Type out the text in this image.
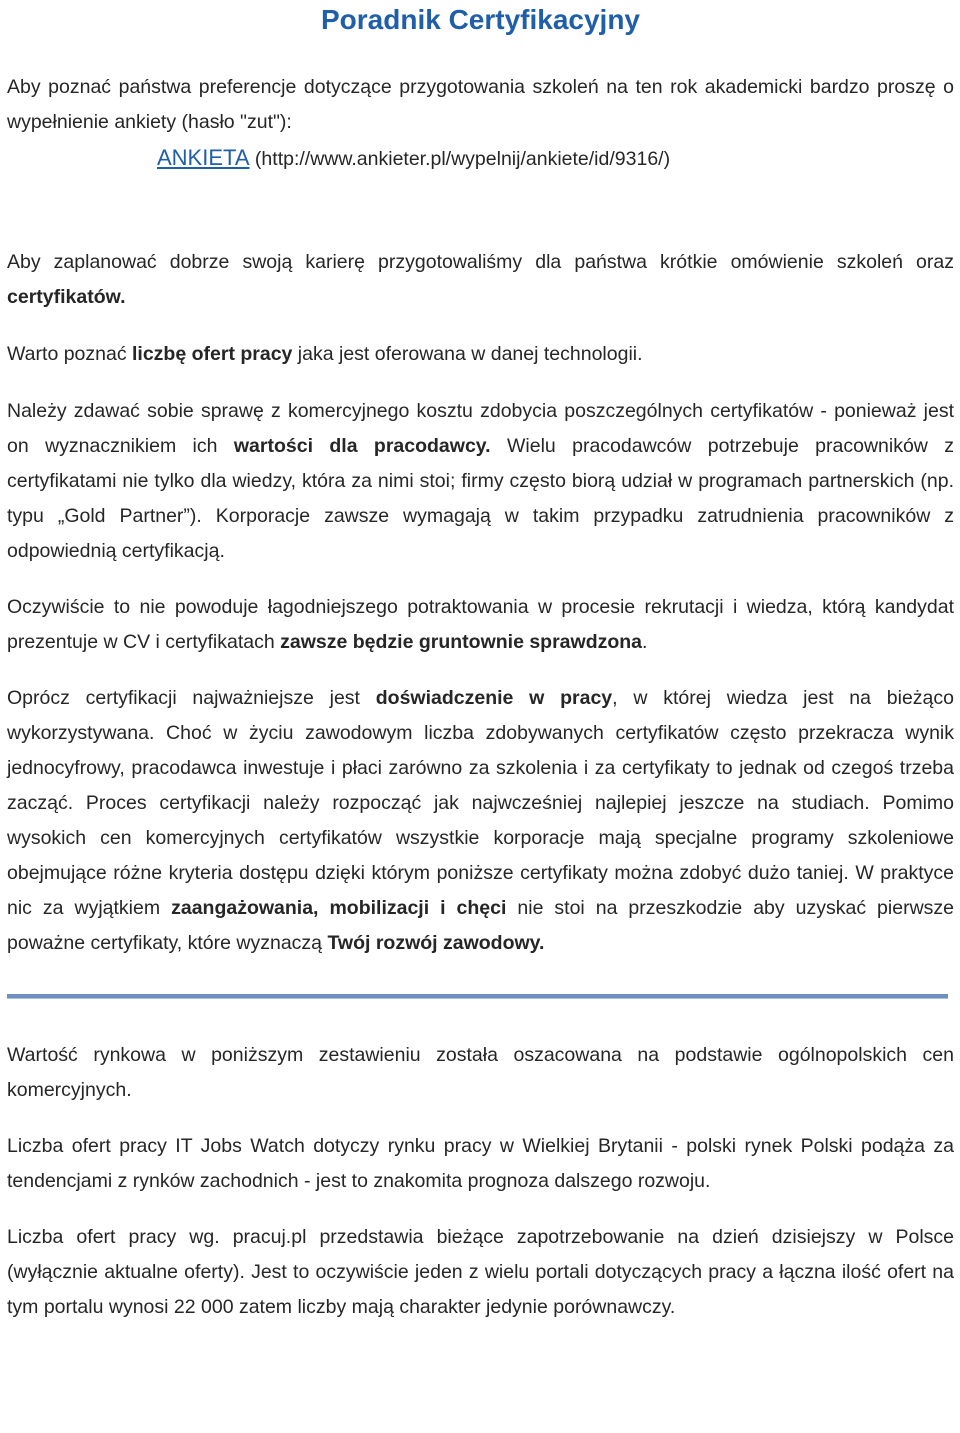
Poradnik Certyfikacyjny

Aby poznać państwa preferencje dotyczące przygotowania szkoleń na ten rok akademicki bardzo proszę o wypełnienie ankiety (hasło "zut"):

ANKIETA (http://www.ankieter.pl/wypelnij/ankiete/id/9316/)

Aby zaplanować dobrze swoją karierę przygotowaliśmy dla państwa krótkie omówienie szkoleń oraz certyfikatów.

Warto poznać liczbę ofert pracy jaka jest oferowana w danej technologii.

Należy zdawać sobie sprawę z komercyjnego kosztu zdobycia poszczególnych certyfikatów - ponieważ jest on wyznacznikiem ich wartości dla pracodawcy. Wielu pracodawców potrzebuje pracowników z certyfikatami nie tylko dla wiedzy, która za nimi stoi; firmy często biorą udział w programach partnerskich (np. typu „Gold Partner”). Korporacje zawsze wymagają w takim przypadku zatrudnienia pracowników z odpowiednią certyfikacją.

Oczywiście to nie powoduje łagodniejszego potraktowania w procesie rekrutacji i wiedza, którą kandydat prezentuje w CV i certyfikatach zawsze będzie gruntownie sprawdzona.

Oprócz certyfikacji najważniejsze jest doświadczenie w pracy, w której wiedza jest na bieżąco wykorzystywana. Choć w życiu zawodowym liczba zdobywanych certyfikatów często przekracza wynik jednocyfrowy, pracodawca inwestuje i płaci zarówno za szkolenia i za certyfikaty to jednak od czegoś trzeba zacząć. Proces certyfikacji należy rozpocząć jak najwcześniej najlepiej jeszcze na studiach. Pomimo wysokich cen komercyjnych certyfikatów wszystkie korporacje mają specjalne programy szkoleniowe obejmujące różne kryteria dostępu dzięki którym poniższe certyfikaty można zdobyć dużo taniej. W praktyce nic za wyjątkiem zaangażowania, mobilizacji i chęci nie stoi na przeszkodzie aby uzyskać pierwsze poważne certyfikaty, które wyznaczą Twój rozwój zawodowy.

Wartość rynkowa w poniższym zestawieniu została oszacowana na podstawie ogólnopolskich cen komercyjnych.

Liczba ofert pracy IT Jobs Watch dotyczy rynku pracy w Wielkiej Brytanii - polski rynek Polski podąża za tendencjami z rynków zachodnich - jest to znakomita prognoza dalszego rozwoju.

Liczba ofert pracy wg. pracuj.pl przedstawia bieżące zapotrzebowanie na dzień dzisiejszy w Polsce (wyłącznie aktualne oferty). Jest to oczywiście jeden z wielu portali dotyczących pracy a łączna ilość ofert na tym portalu wynosi 22 000 zatem liczby mają charakter jedynie porównawczy.
